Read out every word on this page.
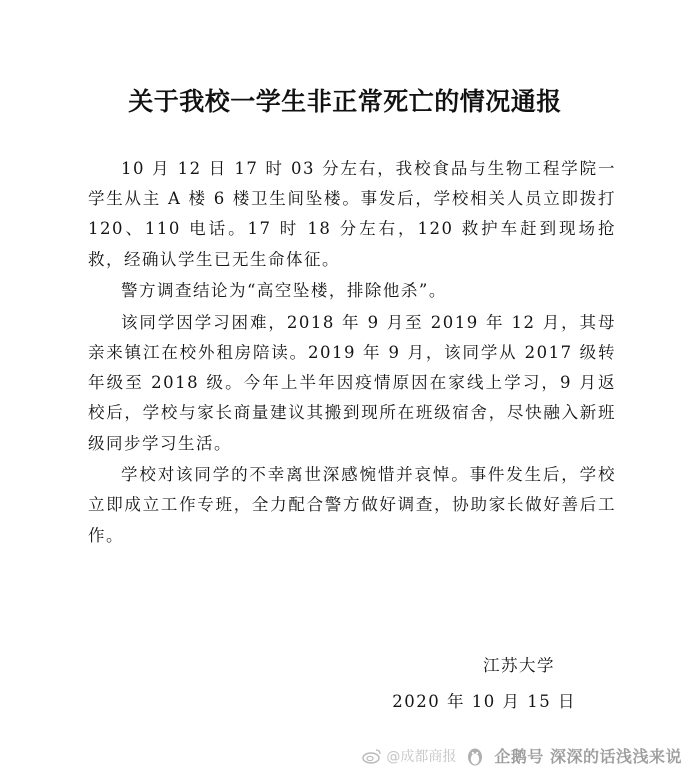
关于我校一学生非正常死亡的情况通报

10 月 12 日 17 时 03 分左右，我校食品与生物工程学院一学生从主 A 楼 6 楼卫生间坠楼。事发后，学校相关人员立即拨打 120、110 电话。17 时 18 分左右，120 救护车赶到现场抢救，经确认学生已无生命体征。

警方调查结论为“高空坠楼，排除他杀”。

该同学因学习困难，2018 年 9 月至 2019 年 12 月，其母亲来镇江在校外租房陪读。2019 年 9 月，该同学从 2017 级转年级至 2018 级。今年上半年因疫情原因在家线上学习，9 月返校后，学校与家长商量建议其搬到现所在班级宿舍，尽快融入新班级同步学习生活。

学校对该同学的不幸离世深感惋惜并哀悼。事件发生后，学校立即成立工作专班，全力配合警方做好调查，协助家长做好善后工作。

江苏大学
2020 年 10 月 15 日
@成都商报 企鹅号 深深的话浅浅来说
